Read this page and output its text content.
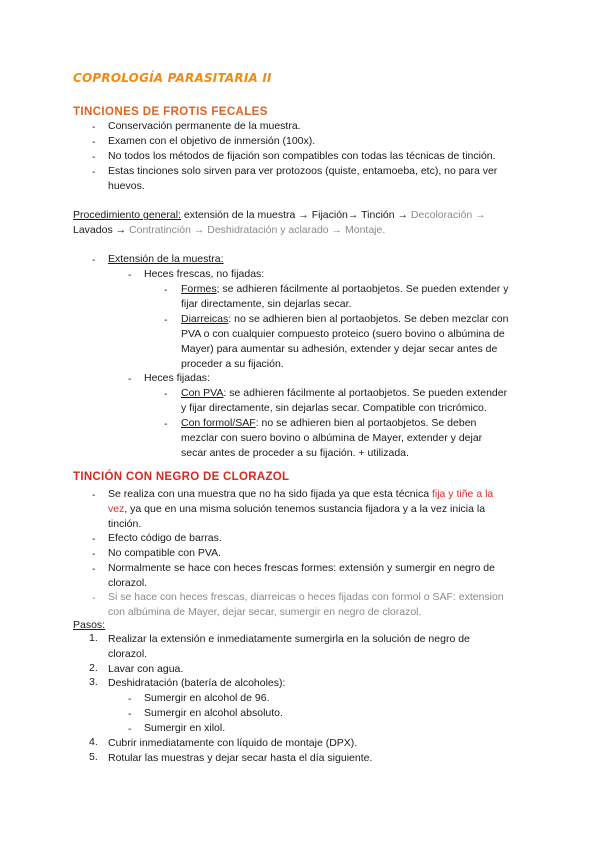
COPROLOGÍA PARASITARIA II
TINCIONES DE FROTIS FECALES
- Conservación permanente de la muestra.
- Examen con el objetivo de inmersión (100x).
- No todos los métodos de fijación son compatibles con todas las técnicas de tinción.
- Estas tinciones solo sirven para ver protozoos (quiste, entamoeba, etc), no para ver
huevos.
Procedimiento general: extensión de la muestra → Fijación→ Tinción → Decoloración →
Lavados → Contratinción → Deshidratación y aclarado → Montaje.
- Extensión de la muestra:
- Heces frescas, no fijadas:
- Formes; se adhieren fácilmente al portaobjetos. Se pueden extender y
fijar directamente, sin dejarlas secar.
- Diarreicas: no se adhieren bien al portaobjetos. Se deben mezclar con
PVA o con cualquier compuesto proteico (suero bovino o albúmina de
Mayer) para aumentar su adhesión, extender y dejar secar antes de
proceder a su fijación.
- Heces fijadas:
- Con PVA: se adhieren fácilmente al portaobjetos. Se pueden extender
y fijar directamente, sin dejarlas secar. Compatible con tricrómico.
- Con formol/SAF: no se adhieren bien al portaobjetos. Se deben
mezclar con suero bovino o albúmina de Mayer, extender y dejar
secar antes de proceder a su fijación. + utilizada.
TINCIÓN CON NEGRO DE CLORAZOL
- Se realiza con una muestra que no ha sido fijada ya que esta técnica fija y tiñe a la
vez, ya que en una misma solución tenemos sustancia fijadora y a la vez inicia la
tinción.
- Efecto código de barras.
- No compatible con PVA.
- Normalmente se hace con heces frescas formes: extensión y sumergir en negro de
clorazol.
- Si se hace con heces frescas, diarreicas o heces fijadas con formol o SAF: extension
con albúmina de Mayer, dejar secar, sumergir en negro de clorazol.
Pasos:
1. Realizar la extensión e inmediatamente sumergirla en la solución de negro de
clorazol.
2. Lavar con agua.
3. Deshidratación (batería de alcoholes):
- Sumergir en alcohol de 96.
- Sumergir en alcohol absoluto.
- Sumergir en xilol.
4. Cubrir inmediatamente con líquido de montaje (DPX).
5. Rotular las muestras y dejar secar hasta el día siguiente.
